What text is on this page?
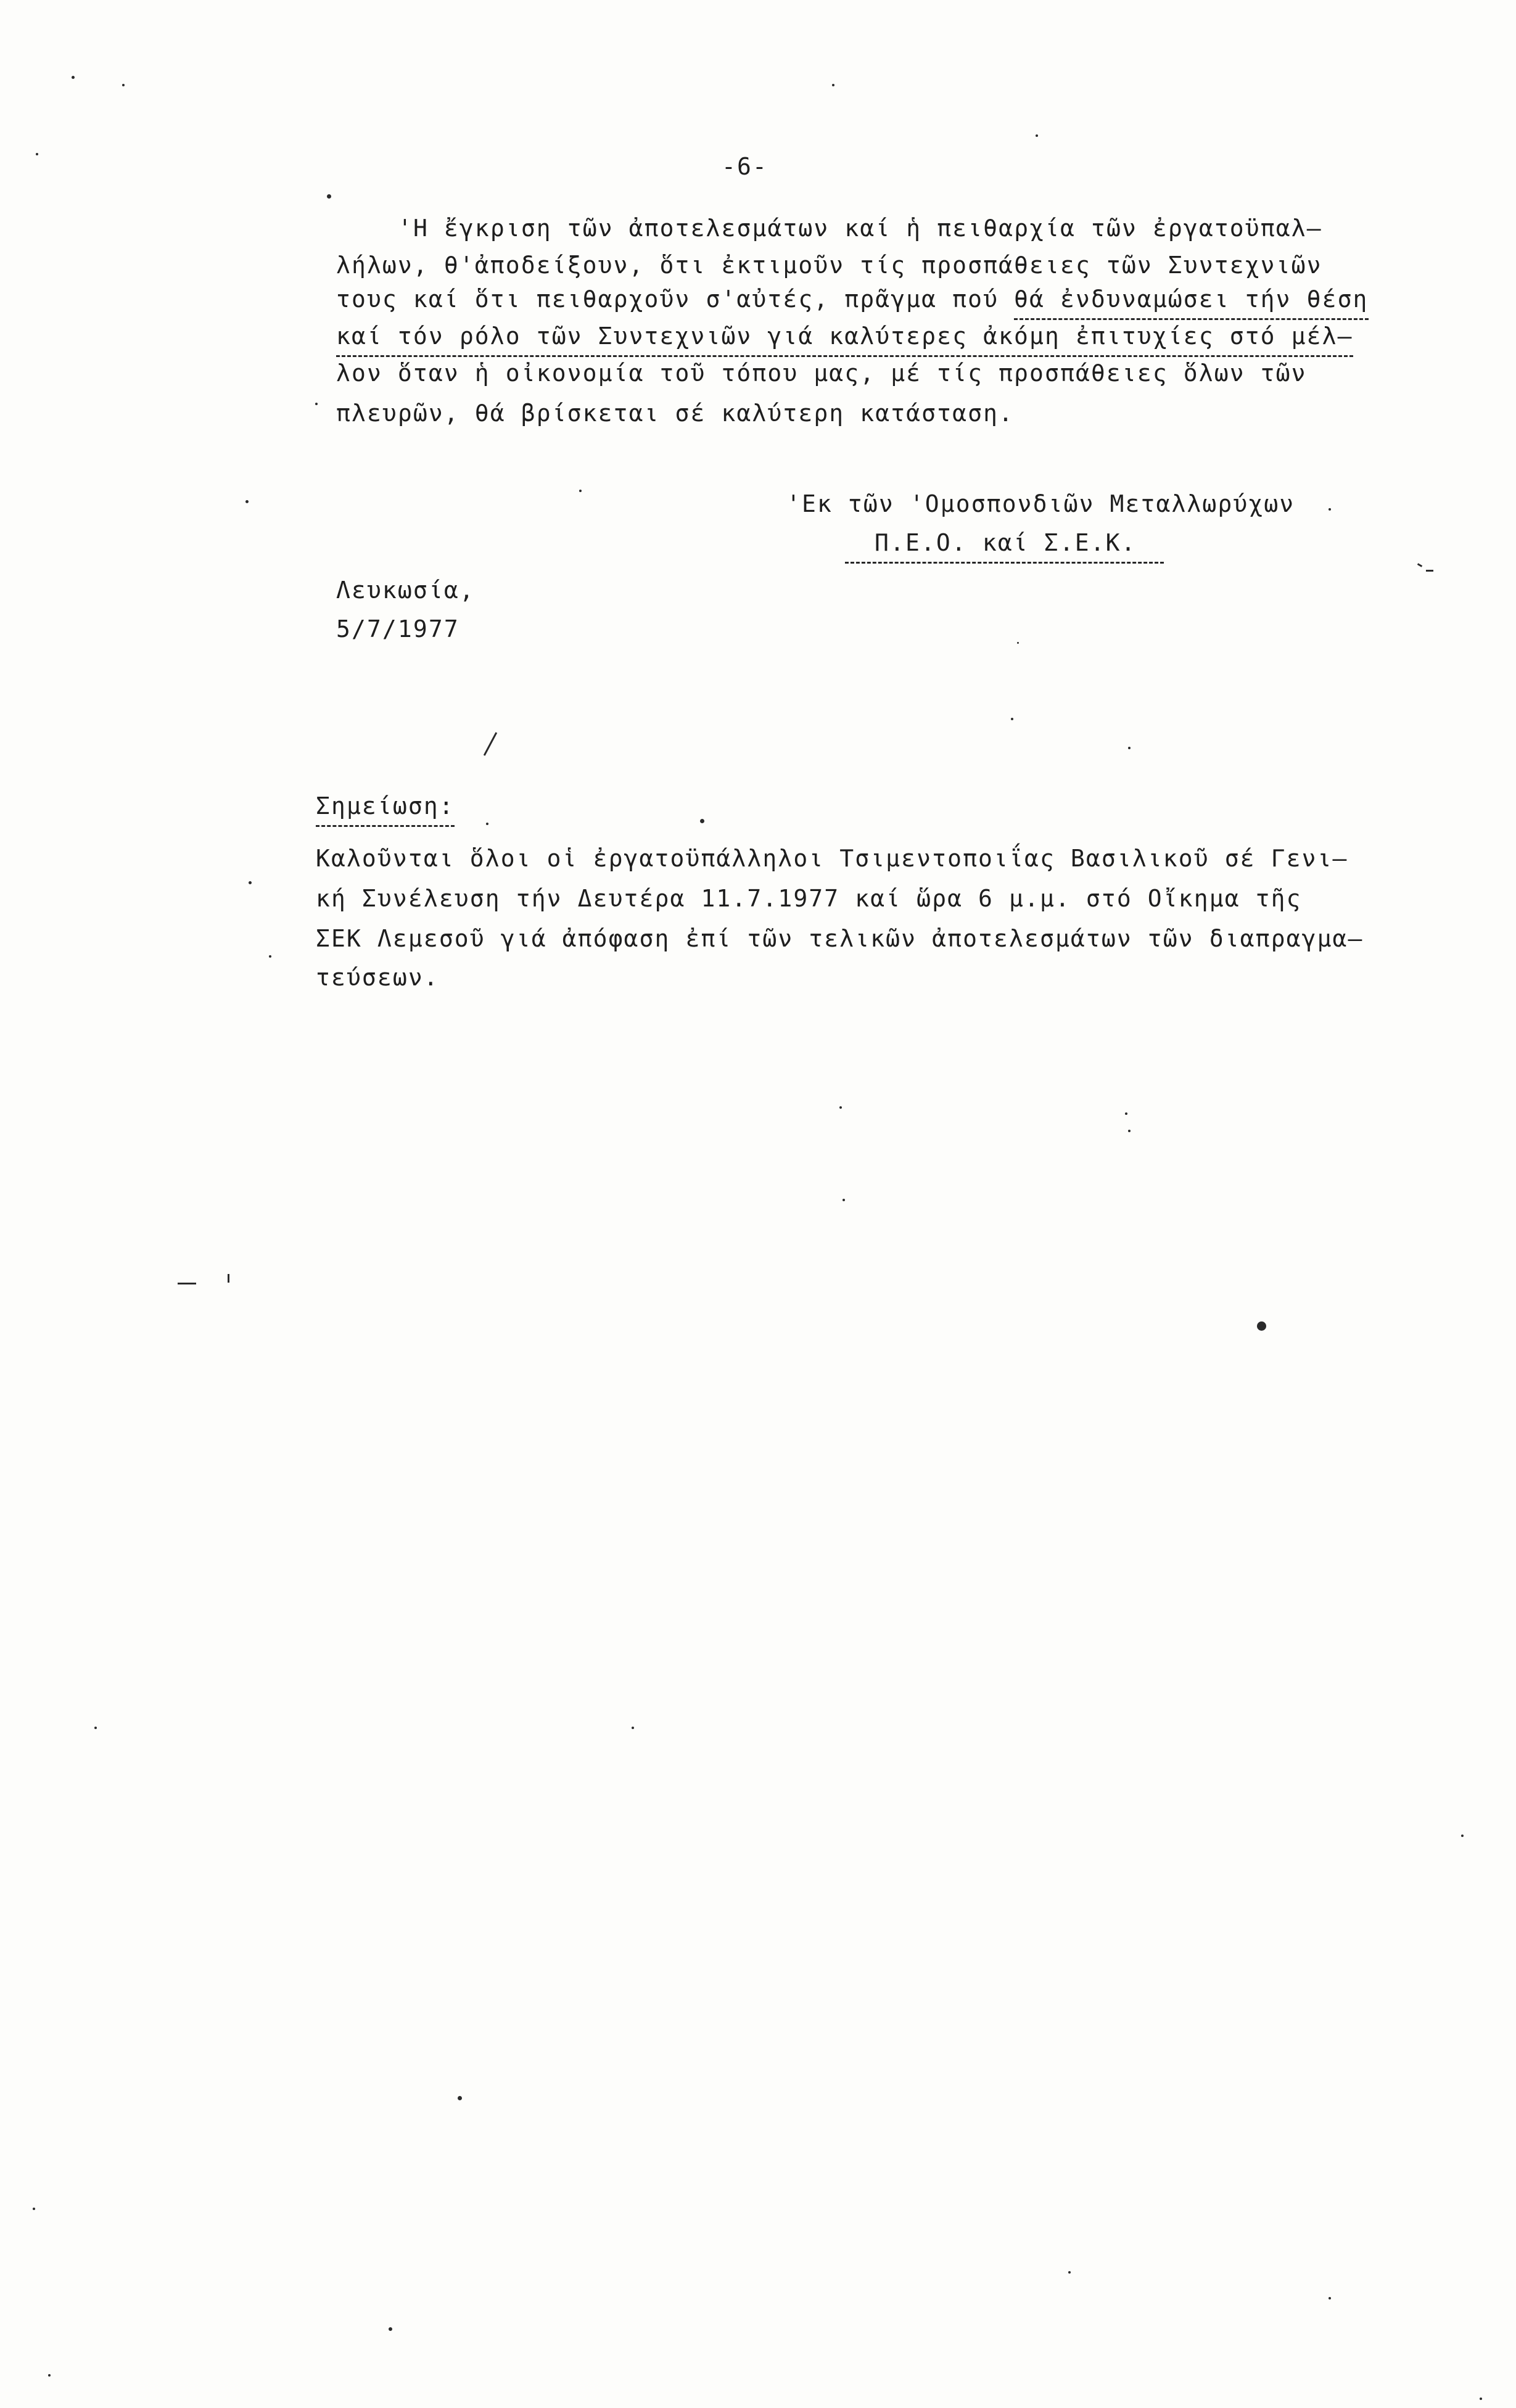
-6-
'Η ἔγκριση τῶν ἀποτελεσμάτων καί ἡ πειθαρχία τῶν ἐργατοϋπαλ–
λήλων, θ'ἀποδείξουν, ὅτι ἐκτιμοῦν τίς προσπάθειες τῶν Συντεχνιῶν
τους καί ὅτι πειθαρχοῦν σ'αὐτές, πρᾶγμα πού θά ἐνδυναμώσει τήν θέση
καί τόν ρόλο τῶν Συντεχνιῶν γιά καλύτερες ἀκόμη ἐπιτυχίες στό μέλ–
λον ὅταν ἡ οἰκονομία τοῦ τόπου μας, μέ τίς προσπάθειες ὅλων τῶν
πλευρῶν, θά βρίσκεται σέ καλύτερη κατάσταση.
'Εκ τῶν 'Ομοσπονδιῶν Μεταλλωρύχων
Π.Ε.Ο. καί Σ.Ε.Κ.
Λευκωσία,
5/7/1977
Σημείωση:
Καλοῦνται ὅλοι οἱ ἐργατοϋπάλληλοι Τσιμεντοποιΐας Βασιλικοῦ σέ Γενι–
κή Συνέλευση τήν Δευτέρα 11.7.1977 καί ὥρα 6 μ.μ. στό Οἴκημα τῆς
ΣΕΚ Λεμεσοῦ γιά ἀπόφαση ἐπί τῶν τελικῶν ἀποτελεσμάτων τῶν διαπραγμα–
τεύσεων.
